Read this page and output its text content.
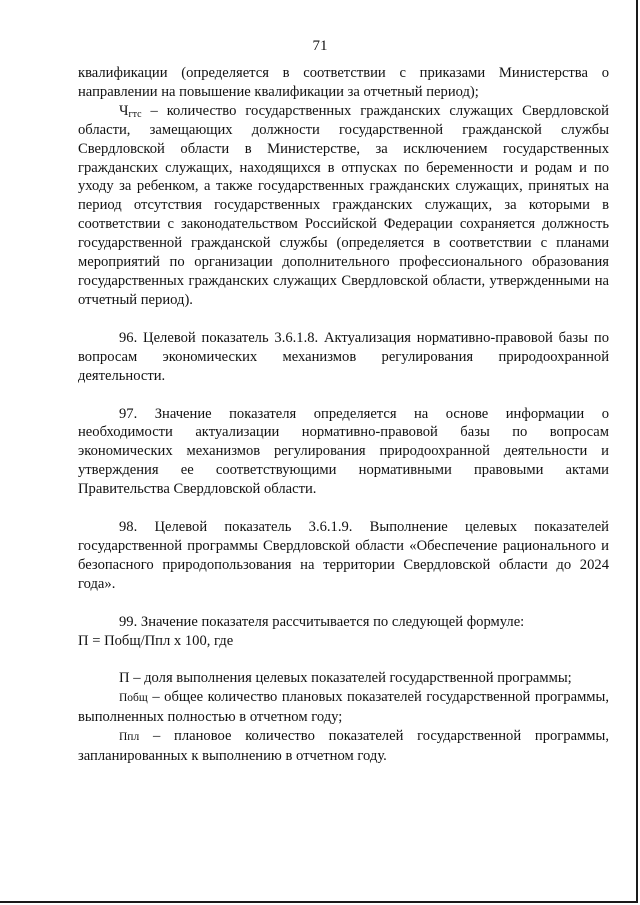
71

квалификации (определяется в соответствии с приказами Министерства о направлении на повышение квалификации за отчетный период);

$Ч_{гтс}$ – количество государственных гражданских служащих Свердловской области, замещающих должности государственной гражданской службы Свердловской области в Министерстве, за исключением государственных гражданских служащих, находящихся в отпусках по беременности и родам и по уходу за ребенком, а также государственных гражданских служащих, принятых на период отсутствия государственных гражданских служащих, за которыми в соответствии с законодательством Российской Федерации сохраняется должность государственной гражданской службы (определяется в соответствии с планами мероприятий по организации дополнительного профессионального образования государственных гражданских служащих Свердловской области, утвержденными на отчетный период).

96. Целевой показатель 3.6.1.8. Актуализация нормативно-правовой базы по вопросам экономических механизмов регулирования природоохранной деятельности.

97. Значение показателя определяется на основе информации о необходимости актуализации нормативно-правовой базы по вопросам экономических механизмов регулирования природоохранной деятельности и утверждения ее соответствующими нормативными правовыми актами Правительства Свердловской области.

98. Целевой показатель 3.6.1.9. Выполнение целевых показателей государственной программы Свердловской области «Обеспечение рационального и безопасного природопользования на территории Свердловской области до 2024 года».

99. Значение показателя рассчитывается по следующей формуле:

П = Побщ/Ппл х 100, где

П – доля выполнения целевых показателей государственной программы;

Побщ – общее количество плановых показателей государственной программы, выполненных полностью в отчетном году;

Ппл – плановое количество показателей государственной программы, запланированных к выполнению в отчетном году.
